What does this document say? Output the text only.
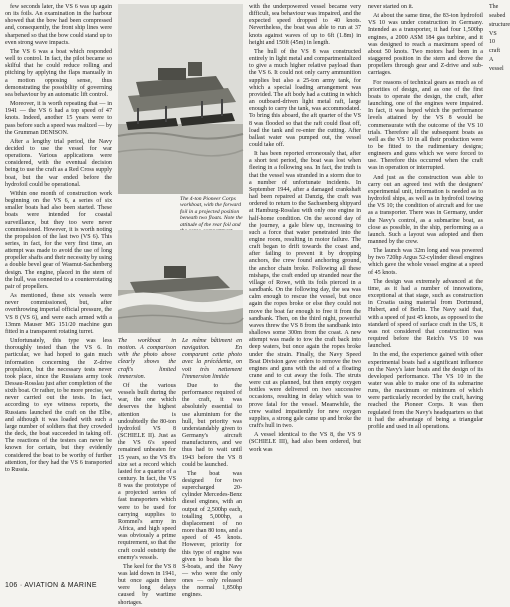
few seconds later, the VS 6 was up again on its foils. An examination in the harbour showed that the bow had been compressed and, consequently, the front ship lines were sharpened so that the bow could stand up to even strong wave impacts.

The VS 6 was a boat which responded well to control. In fact, the pilot became so skilful that he could reduce rolling and pitching by applying the flaps manually in a motion opposing sense, thus demonstrating the possibility of governing sea behaviour by an automatic lift control.

Moreover, it is worth repeating that — in 1941 — the VS 6 had a top speed of 47 knots. Indeed, another 15 years were to pass before such a speed was realized — by the Grumman DENISON.

After a lengthy trial period, the Navy decided to use the vessel for war operations. Various applications were considered, with the eventual decision being to use the craft as a Red Cross supply boat, but the war ended before the hydrofoil could be operational.

Within one month of construction work beginning on the VS 6, a series of six smaller boats had also been started. These boats were intended for coastal surveillance, but they too were never commissioned. However, it is worth noting the propulsion of the last two (VS 6). This series, in fact, for the very first time, an attempt was made to avoid the use of long propeller shafts and their necessity by using a double bevel gear of Wasmut-Sachenberg design. The engine, placed in the stern of the hull, was connected to a counterrotating pair of propellers.

As mentioned, these six vessels were never commissioned, but, after overthrowing imperial official pressure, the VS 8 (VS 6), and were each armed with a 13mm Mauser MG 151/20 machine gun fitted in a transparent rotating turret.

Unfortunately, this type was less thoroughly tested than the VS 6. In particular, we had hoped to gain much information concerning the Z-drive propulsion, but the necessary tests never took place, since the Russians army took Dessau-Rosslau just after completion of the sixth boat. Or rather, to be more precise, we never carried out the tests. In fact, according to eye witness reports, the Russians launched the craft on the Elbe, and although it was loaded with such a large number of soldiers that they crowded the deck, the boat succeeded in taking off. The reactions of the testers can never be known for certain, but they evidently considered the boat to be worthy of further attention, for they had the VS 6 transported to Russia.

The 4-ton Pioneer Corps workboat, with the forward foil in a projected position beneath two floats. Note the attitude of the rear foil and

The workboat in motion. A comparison with the photo above clearly shows the craft's limited immersion.

Of the various vessels built during the war, the one which deserves the highest attention is undoubtedly the 80-ton hydrofoil VS 8 (SCHIELE II). Just as the VS 6's speed remained unbeaten for 15 years, so the VS 8's size set a record which lasted for a quarter of a century. In fact, the VS 8 was the prototype of a projected series of fast transporters which were to be used for carrying supplies to Rommel's army in Africa, and high speed was obviously a prime requirement, so that the craft could outstrip the enemy's vessels.

The keel for the VS 8 was laid down in 1941, but once again there were long delays caused by wartime shortages.

Le même bâtiment en navigation. En comparant cette photo avec la précédente, on voit très nettement l'immersion limitée

Due to the performance required of the craft, it was absolutely essential to use aluminium for the hull, but priority was understandably given to Germany's aircraft manufacturers, and we thus had to wait until 1943 before the VS 8 could be launched.

The boat was designed for two supercharged 20-cylinder Mercedes-Benz diesel engines, with an output of 2,500hp each, totalling 5,000hp, a displacement of no more than 80 tons, and a speed of 45 knots. However, priority for this type of engine was given to boats like the S-boats, and the Navy — who were the only ones — only released the normal 1,850hp engines.

with the underpowered vessel became very difficult, sea behaviour was impaired, and the expected speed dropped to 40 knots. Nevertheless, the boat was able to run at 37 knots against waves of up to 6ft (1.8m) in height and 150ft (45m) in length.

The hull of the VS 8 was constructed entirely in light metal and compartmentalized to give a much higher relative payload than the VS 6. It could not only carry ammunition supplies but also a 25-ton army tank, for which a special loading arrangement was provided. The aft body had a cutting in which an outboard-driven light metal raft, large enough to carry the tank, was accommodated. To bring this aboard, the aft quarter of the VS 8 was flooded so that the raft could float off, load the tank and re-enter the cutting. After ballast water was pumped out, the vessel could take off.

It has been reported erroneously that, after a short test period, the boat was lost when fleeing in a following sea. In fact, the truth is that the vessel was stranded in a storm due to a number of unfortunate incidents. In September 1944, after a damaged crankshaft had been repaired at Danzig, the craft was ordered to return to the Sachsenberg shipyard at Hamburg-Rosslau with only one engine in half-home condition. On the second day of the journey, a gale blew up, increasing to such a force that water penetrated into the engine room, resulting in motor failure. The craft began to drift towards the coast and, after failing to prevent it by dropping anchors, the crew found anchoring ground, the anchor chain broke. Following all these mishaps, the craft ended up stranded near the village of Rowe, with its foils pierced in a sandbank. On the following day, the sea was calm enough to rescue the vessel, but once again the ropes broke or else they could not move the boat far enough to free it from the sandbank. Then, on the third night, powerful waves threw the VS 8 from the sandbank into shallows some 300m from the coast. A new attempt was made to tow the craft back into deep waters, but once again the ropes broke under the strain. Finally, the Navy Speed Boat Division gave orders to remove the two engines and guns with the aid of a floating crane and to cut away the foils. The struts were cut as planned, but then empty oxygen bottles were delivered on two successive occasions, resulting in delay which was to prove fatal for the vessel. Meanwhile, the crew waited impatiently for new oxygen supplies, a strong gale came up and broke the craft's hull in two.

A vessel identical to the VS 8, the VS 9 (SCHIELE III), had also been ordered, but work was

never started on it.

At about the same time, the 83-ton hydrofoil VS 10 was under construction in Germany. Intended as a transporter, it had four 1,500hp engines, a 2000 ASM 184 gas turbine, and it was designed to reach a maximum speed of about 50 knots. Two motors had been in a staggered position in the stern and drove the propellers through gear and Z-drive and sub-carriages.

For reasons of technical gears as much as of priorities of design, and as one of the first boats to operate the design, the craft, after launching, one of the engines were impaired. In fact, it was hoped which the performance levels attained by the VS 8 would be commensurate with the outcome of the VS 10 trials. Therefore all the subsequent boats as well as the VS 10 in all their production were to be fitted to the rudimentary designs; engineers and guns which we were forced to use. Therefore this occurred when the craft was in operation or interrupted.

And just as the construction was able to carry out an agreed test with the designers' experimental unit, information is needed as to hydrofoil ships, as well as in hydrofoil towing the VS 10; the condition of aircraft and for use as a transporter. There was in Germany, under the Navy's control, as a submarine boat, as close as possible, in the ship, performing as a launch. Such a layout was adopted and then manned by the crew.

The launch was 32m long and was powered by two 720hp Argus 52-cylinder diesel engines which gave the whole vessel engine at a speed of 45 knots.

The design was extremely advanced at the time, as it had a number of innovations, exceptional at that stage, such as construction in Croatia using material from Dortmund, Hubert, and of Berlin. The Navy said that, with a speed of just 45 knots, as opposed to the standard of speed of surface craft in the US, it was not considered that construction was required before the Reich's VS 10 was launched.

In the end, the experience gained with other experimental boats had a significant influence on the Navy's later boats and the design of its developed performance. The VS 10 in the water was able to make one of its submarine runs, the maximum or minimum of which were particularly recorded by the craft, having reached the Pioneer Corps. It was then regulated from the Navy's headquarters so that it had the advantage of being a triangular profile and used in all operations.

The

seabed

structure

VS 10

craft

A

vessel

106 · AVIATION & MARINE
